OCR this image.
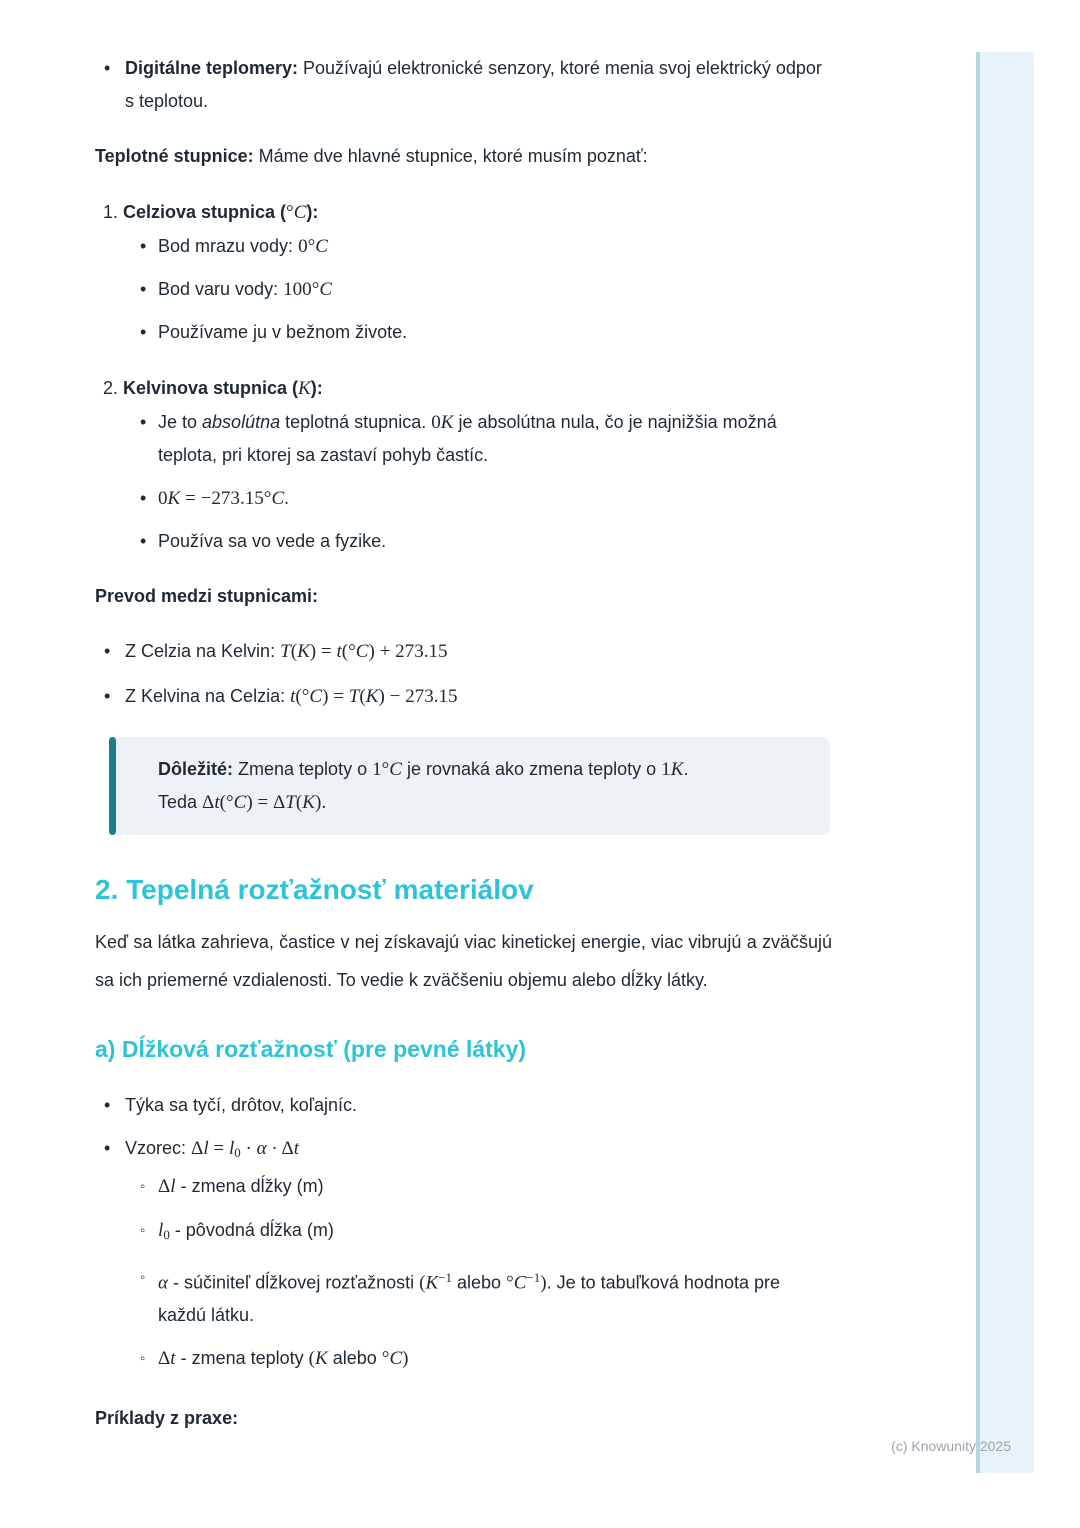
•
Digitálne teplomery: Používajú elektronické senzory, ktoré menia svoj elektrický odpor s teplotou.

Teplotné stupnice: Máme dve hlavné stupnice, ktoré musím poznať:

1. Celziova stupnica (°C):
•
Bod mrazu vody: 0°C
•
Bod varu vody: 100°C
•
Používame ju v bežnom živote.
2. Kelvinova stupnica (K):
•
Je to absolútna teplotná stupnica. 0K je absolútna nula, čo je najnižšia možná teplota, pri ktorej sa zastaví pohyb častíc.
•
0K = −273.15°C.
•
Používa sa vo vede a fyzike.

Prevod medzi stupnicami:

•
Z Celzia na Kelvin: T(K) = t(°C) + 273.15
•
Z Kelvina na Celzia: t(°C) = T(K) − 273.15
Dôležité: Zmena teploty o 1°C je rovnaká ako zmena teploty o 1K.
Teda Δt(°C) = ΔT(K).
2. Tepelná rozťažnosť materiálov

Keď sa látka zahrieva, častice v nej získavajú viac kinetickej energie, viac vibrujú a zväčšujú sa ich priemerné vzdialenosti. To vedie k zväčšeniu objemu alebo dĺžky látky.

a) Dĺžková rozťažnosť (pre pevné látky)
•
Týka sa tyčí, drôtov, koľajníc.
•
Vzorec: Δl = l0 · α · Δt
◦
Δl - zmena dĺžky (m)
◦
l0 - pôvodná dĺžka (m)
◦
α - súčiniteľ dĺžkovej rozťažnosti ($K^{-1}$ alebo $^\circ C^{-1}$). Je to tabuľková hodnota pre každú látku.
◦
Δt - zmena teploty (K alebo °C)

Príklady z praxe:

(c) Knowunity 2025
